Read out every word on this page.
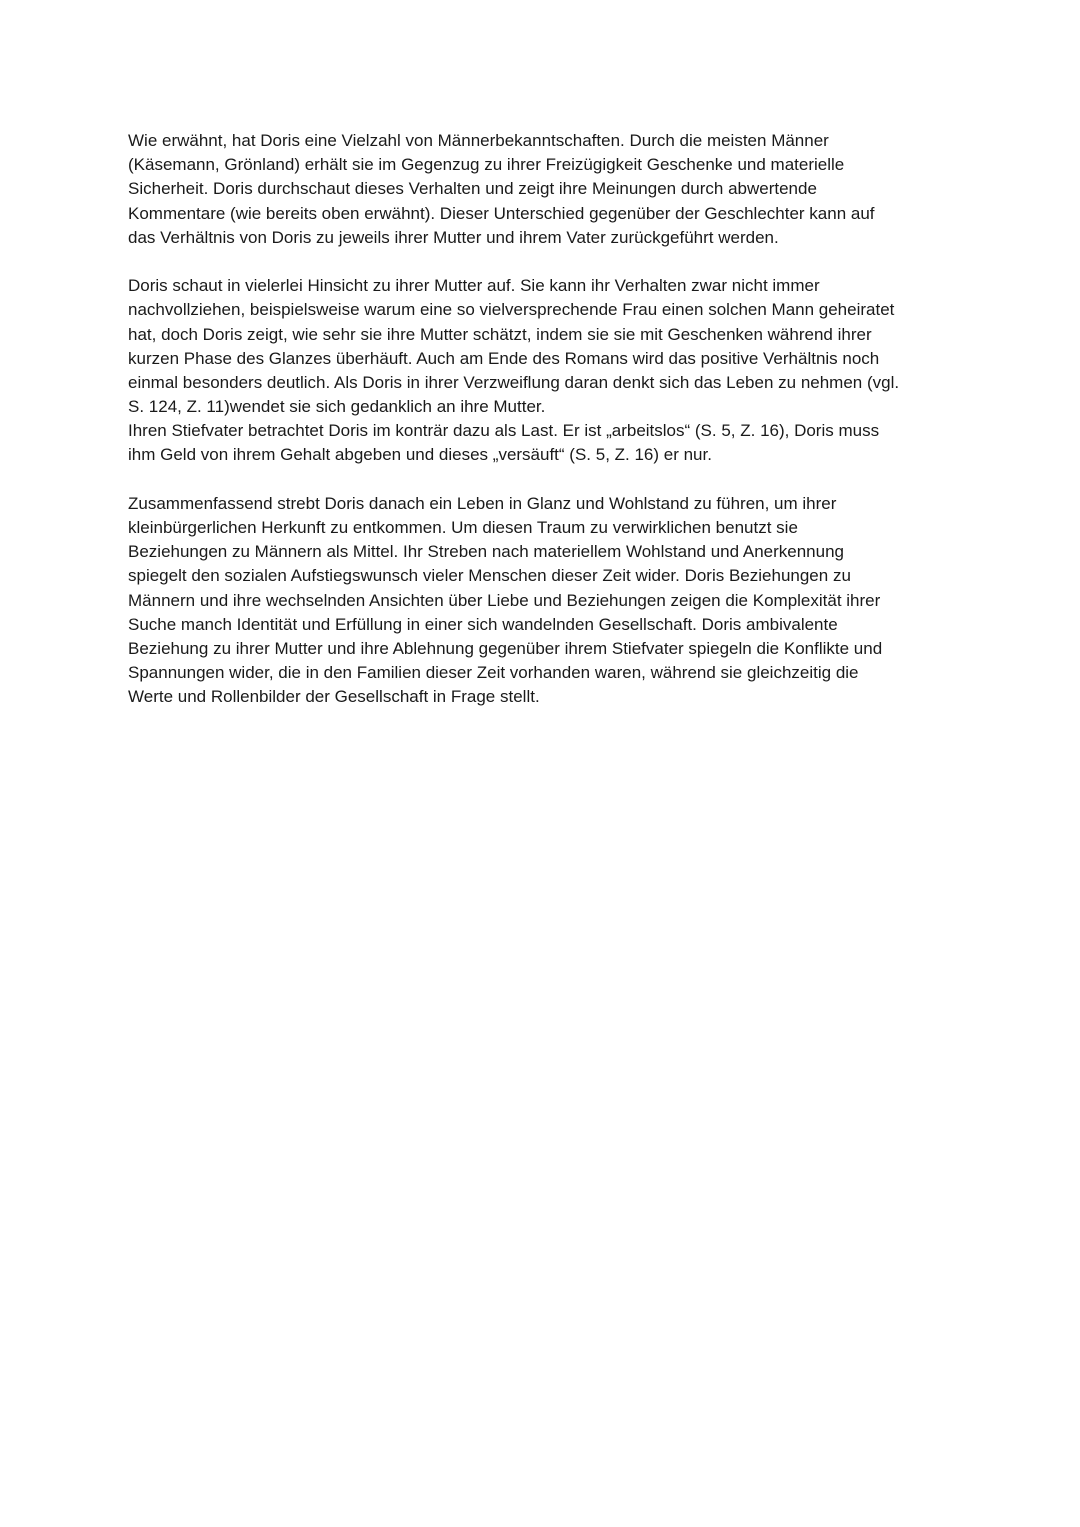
Wie erwähnt, hat Doris eine Vielzahl von Männerbekanntschaften. Durch die meisten Männer
(Käsemann, Grönland) erhält sie im Gegenzug zu ihrer Freizügigkeit Geschenke und materielle
Sicherheit. Doris durchschaut dieses Verhalten und zeigt ihre Meinungen durch abwertende
Kommentare (wie bereits oben erwähnt). Dieser Unterschied gegenüber der Geschlechter kann auf
das Verhältnis von Doris zu jeweils ihrer Mutter und ihrem Vater zurückgeführt werden.
Doris schaut in vielerlei Hinsicht zu ihrer Mutter auf. Sie kann ihr Verhalten zwar nicht immer
nachvollziehen, beispielsweise warum eine so vielversprechende Frau einen solchen Mann geheiratet
hat, doch Doris zeigt, wie sehr sie ihre Mutter schätzt, indem sie sie mit Geschenken während ihrer
kurzen Phase des Glanzes überhäuft. Auch am Ende des Romans wird das positive Verhältnis noch
einmal besonders deutlich. Als Doris in ihrer Verzweiflung daran denkt sich das Leben zu nehmen (vgl.
S. 124, Z. 11)wendet sie sich gedanklich an ihre Mutter.
Ihren Stiefvater betrachtet Doris im konträr dazu als Last. Er ist „arbeitslos“ (S. 5, Z. 16), Doris muss
ihm Geld von ihrem Gehalt abgeben und dieses „versäuft“ (S. 5, Z. 16) er nur.
Zusammenfassend strebt Doris danach ein Leben in Glanz und Wohlstand zu führen, um ihrer
kleinbürgerlichen Herkunft zu entkommen. Um diesen Traum zu verwirklichen benutzt sie
Beziehungen zu Männern als Mittel. Ihr Streben nach materiellem Wohlstand und Anerkennung
spiegelt den sozialen Aufstiegswunsch vieler Menschen dieser Zeit wider. Doris Beziehungen zu
Männern und ihre wechselnden Ansichten über Liebe und Beziehungen zeigen die Komplexität ihrer
Suche manch Identität und Erfüllung in einer sich wandelnden Gesellschaft. Doris ambivalente
Beziehung zu ihrer Mutter und ihre Ablehnung gegenüber ihrem Stiefvater spiegeln die Konflikte und
Spannungen wider, die in den Familien dieser Zeit vorhanden waren, während sie gleichzeitig die
Werte und Rollenbilder der Gesellschaft in Frage stellt.
